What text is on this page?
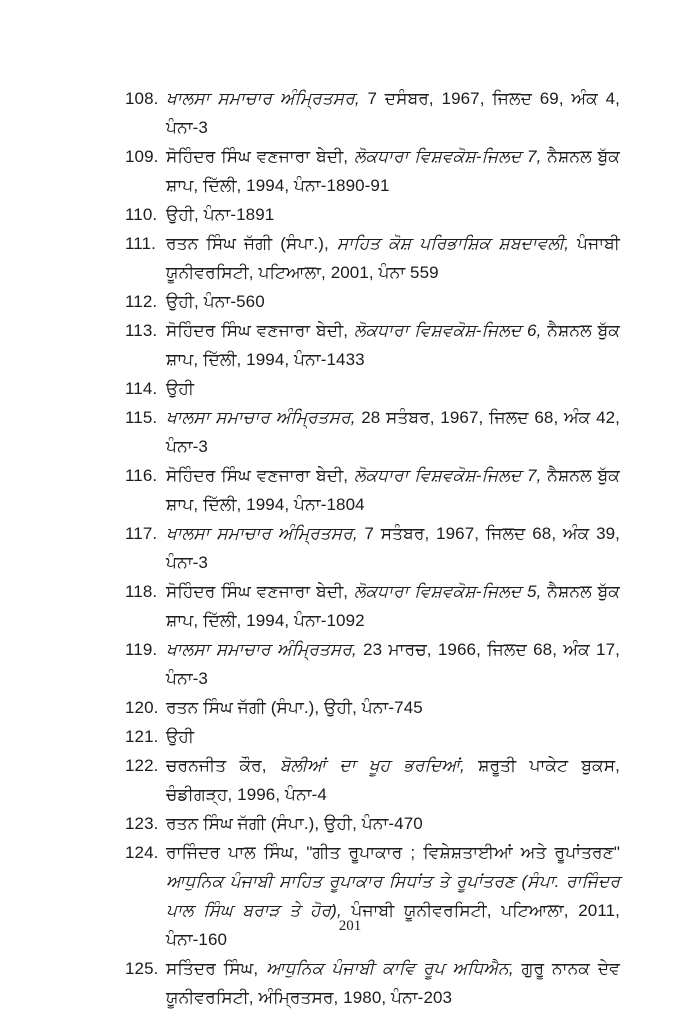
108. ਖਾਲਸਾ ਸਮਾਚਾਰ ਅੰਮ੍ਰਿਤਸਰ, 7 ਦਸੰਬਰ, 1967, ਜਿਲਦ 69, ਅੰਕ 4, ਪੰਨਾ-3
109. ਸੋਹਿੰਦਰ ਸਿੰਘ ਵਣਜਾਰਾ ਬੇਦੀ, ਲੋਕਧਾਰਾ ਵਿਸ਼ਵਕੋਸ਼-ਜਿਲਦ 7, ਨੈਸ਼ਨਲ ਬੁੱਕ ਸ਼ਾਪ, ਦਿੱਲੀ, 1994, ਪੰਨਾ-1890-91
110. ਉਹੀ, ਪੰਨਾ-1891
111. ਰਤਨ ਸਿੰਘ ਜੱਗੀ (ਸੰਪਾ.), ਸਾਹਿਤ ਕੋਸ਼ ਪਰਿਭਾਸ਼ਿਕ ਸ਼ਬਦਾਵਲੀ, ਪੰਜਾਬੀ ਯੂਨੀਵਰਸਿਟੀ, ਪਟਿਆਲਾ, 2001, ਪੰਨਾ 559
112. ਉਹੀ, ਪੰਨਾ-560
113. ਸੋਹਿੰਦਰ ਸਿੰਘ ਵਣਜਾਰਾ ਬੇਦੀ, ਲੋਕਧਾਰਾ ਵਿਸ਼ਵਕੋਸ਼-ਜਿਲਦ 6, ਨੈਸ਼ਨਲ ਬੁੱਕ ਸ਼ਾਪ, ਦਿੱਲੀ, 1994, ਪੰਨਾ-1433
114. ਉਹੀ
115. ਖਾਲਸਾ ਸਮਾਚਾਰ ਅੰਮ੍ਰਿਤਸਰ, 28 ਸਤੰਬਰ, 1967, ਜਿਲਦ 68, ਅੰਕ 42, ਪੰਨਾ-3
116. ਸੋਹਿੰਦਰ ਸਿੰਘ ਵਣਜਾਰਾ ਬੇਦੀ, ਲੋਕਧਾਰਾ ਵਿਸ਼ਵਕੋਸ਼-ਜਿਲਦ 7, ਨੈਸ਼ਨਲ ਬੁੱਕ ਸ਼ਾਪ, ਦਿੱਲੀ, 1994, ਪੰਨਾ-1804
117. ਖਾਲਸਾ ਸਮਾਚਾਰ ਅੰਮ੍ਰਿਤਸਰ, 7 ਸਤੰਬਰ, 1967, ਜਿਲਦ 68, ਅੰਕ 39, ਪੰਨਾ-3
118. ਸੋਹਿੰਦਰ ਸਿੰਘ ਵਣਜਾਰਾ ਬੇਦੀ, ਲੋਕਧਾਰਾ ਵਿਸ਼ਵਕੋਸ਼-ਜਿਲਦ 5, ਨੈਸ਼ਨਲ ਬੁੱਕ ਸ਼ਾਪ, ਦਿੱਲੀ, 1994, ਪੰਨਾ-1092
119. ਖਾਲਸਾ ਸਮਾਚਾਰ ਅੰਮ੍ਰਿਤਸਰ, 23 ਮਾਰਚ, 1966, ਜਿਲਦ 68, ਅੰਕ 17, ਪੰਨਾ-3
120. ਰਤਨ ਸਿੰਘ ਜੱਗੀ (ਸੰਪਾ.), ਉਹੀ, ਪੰਨਾ-745
121. ਉਹੀ
122. ਚਰਨਜੀਤ ਕੌਰ, ਬੋਲੀਆਂ ਦਾ ਖੂਹ ਭਰਦਿਆਂ, ਸ਼ਰੂਤੀ ਪਾਕੇਟ ਬੁਕਸ, ਚੰਡੀਗੜ੍ਹ, 1996, ਪੰਨਾ-4
123. ਰਤਨ ਸਿੰਘ ਜੱਗੀ (ਸੰਪਾ.), ਉਹੀ, ਪੰਨਾ-470
124. ਰਾਜਿੰਦਰ ਪਾਲ ਸਿੰਘ, "ਗੀਤ ਰੂਪਾਕਾਰ ; ਵਿਸ਼ੇਸ਼ਤਾਈਆਂ ਅਤੇ ਰੂਪਾਂਤਰਣ" ਆਧੁਨਿਕ ਪੰਜਾਬੀ ਸਾਹਿਤ ਰੂਪਾਕਾਰ ਸਿਧਾਂਤ ਤੇ ਰੂਪਾਂਤਰਣ (ਸੰਪਾ. ਰਾਜਿੰਦਰ ਪਾਲ ਸਿੰਘ ਬਰਾੜ ਤੇ ਹੋਰ), ਪੰਜਾਬੀ ਯੂਨੀਵਰਸਿਟੀ, ਪਟਿਆਲਾ, 2011, ਪੰਨਾ-160
125. ਸਤਿੰਦਰ ਸਿੰਘ, ਆਧੁਨਿਕ ਪੰਜਾਬੀ ਕਾਵਿ ਰੂਪ ਅਧਿਐਨ, ਗੁਰੂ ਨਾਨਕ ਦੇਵ ਯੂਨੀਵਰਸਿਟੀ, ਅੰਮ੍ਰਿਤਸਰ, 1980, ਪੰਨਾ-203
201
